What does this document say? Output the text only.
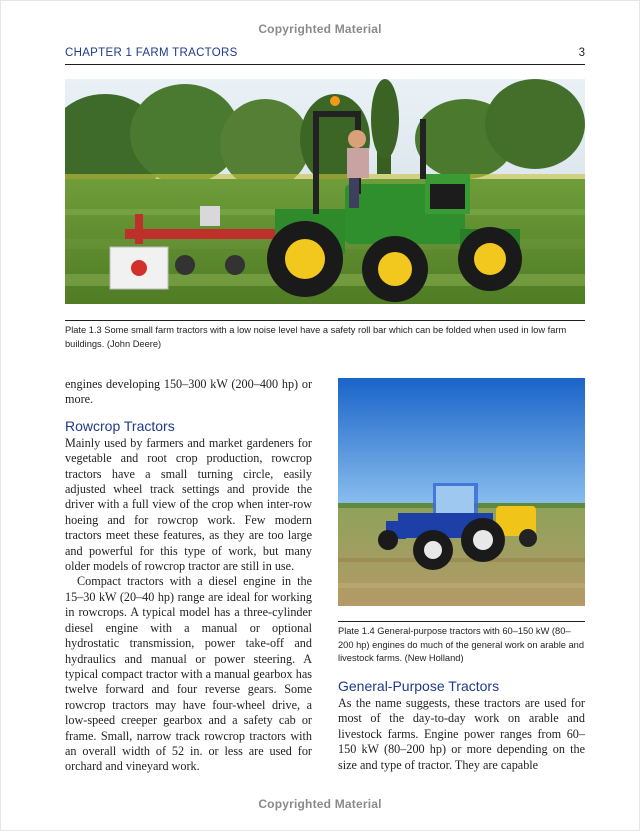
Copyrighted Material
CHAPTER 1 FARM TRACTORS	3
Plate 1.3 Some small farm tractors with a low noise level have a safety roll bar which can be folded when used in low farm buildings. (John Deere)

engines developing 150–300 kW (200–400 hp) or more.

Rowcrop Tractors

Mainly used by farmers and market gardeners for vegetable and root crop production, rowcrop tractors have a small turning circle, easily adjusted wheel track settings and provide the driver with a full view of the crop when inter-row hoeing and for rowcrop work. Few modern tractors meet these features, as they are too large and powerful for this type of work, but many older models of rowcrop tractor are still in use.

Compact tractors with a diesel engine in the 15–30 kW (20–40 hp) range are ideal for working in rowcrops. A typical model has a three-cylinder diesel engine with a manual or optional hydrostatic transmission, power take-off and hydraulics and manual or power steering. A typical compact tractor with a manual gearbox has twelve forward and four reverse gears. Some rowcrop tractors may have four-wheel drive, a low-speed creeper gearbox and a safety cab or frame. Small, narrow track rowcrop tractors with an overall width of 52 in. or less are used for orchard and vineyard work.

Plate 1.4 General-purpose tractors with 60–150 kW (80–200 hp) engines do much of the general work on arable and livestock farms. (New Holland)
General-Purpose Tractors

As the name suggests, these tractors are used for most of the day-to-day work on arable and livestock farms. Engine power ranges from 60–150 kW (80–200 hp) or more depending on the size and type of tractor. They are capable

Copyrighted Material
